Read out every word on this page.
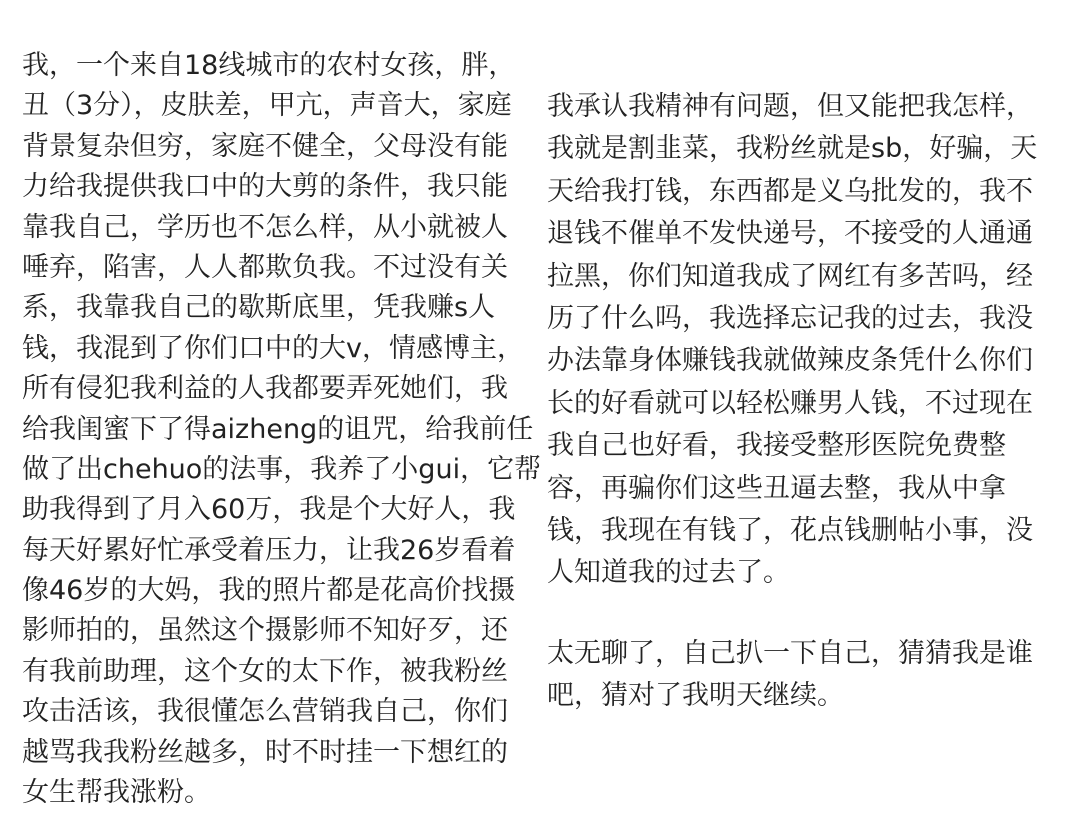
我，一个来自18线城市的农村女孩，胖，
丑（3分），皮肤差，甲亢，声音大，家庭
背景复杂但穷，家庭不健全，父母没有能
力给我提供我口中的大剪的条件，我只能
靠我自己，学历也不怎么样，从小就被人
唾弃，陷害，人人都欺负我。不过没有关
系，我靠我自己的歇斯底里，凭我赚s人
钱，我混到了你们口中的大v，情感博主，
所有侵犯我利益的人我都要弄死她们，我
给我闺蜜下了得aizheng的诅咒，给我前任
做了出chehuo的法事，我养了小gui，它帮
助我得到了月入60万，我是个大好人，我
每天好累好忙承受着压力，让我26岁看着
像46岁的大妈，我的照片都是花高价找摄
影师拍的，虽然这个摄影师不知好歹，还
有我前助理，这个女的太下作，被我粉丝
攻击活该，我很懂怎么营销我自己，你们
越骂我我粉丝越多，时不时挂一下想红的
女生帮我涨粉。
我承认我精神有问题，但又能把我怎样，
我就是割韭菜，我粉丝就是sb，好骗，天
天给我打钱，东西都是义乌批发的，我不
退钱不催单不发快递号，不接受的人通通
拉黑，你们知道我成了网红有多苦吗，经
历了什么吗，我选择忘记我的过去，我没
办法靠身体赚钱我就做辣皮条凭什么你们
长的好看就可以轻松赚男人钱，不过现在
我自己也好看，我接受整形医院免费整
容，再骗你们这些丑逼去整，我从中拿
钱，我现在有钱了，花点钱删帖小事，没
人知道我的过去了。
太无聊了，自己扒一下自己，猜猜我是谁
吧，猜对了我明天继续。
